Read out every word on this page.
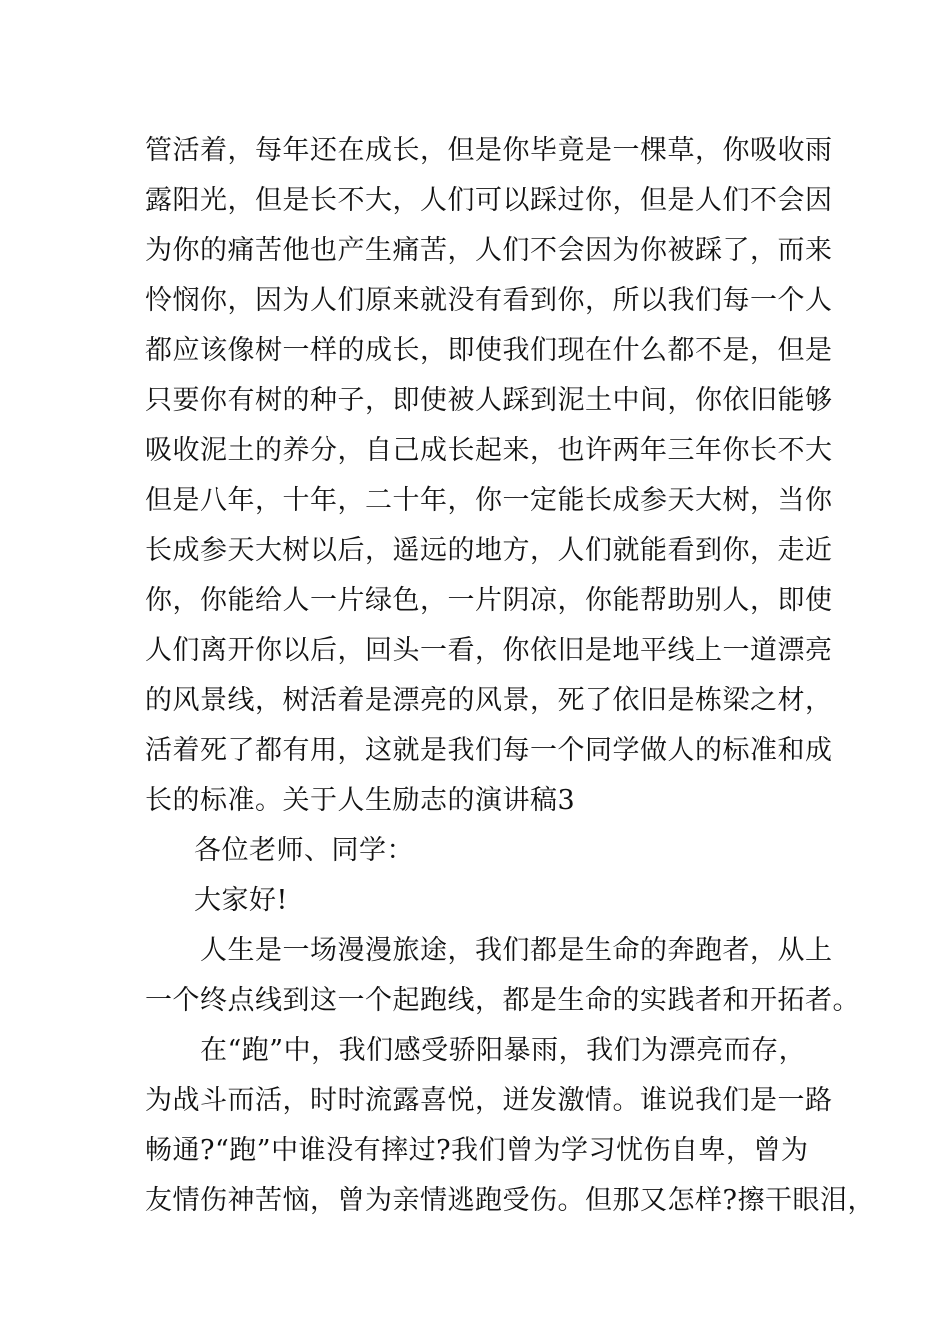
管活着，每年还在成长，但是你毕竟是一棵草，你吸收雨
露阳光，但是长不大，人们可以踩过你，但是人们不会因
为你的痛苦他也产生痛苦，人们不会因为你被踩了，而来
怜悯你，因为人们原来就没有看到你，所以我们每一个人
都应该像树一样的成长，即使我们现在什么都不是，但是
只要你有树的种子，即使被人踩到泥土中间，你依旧能够
吸收泥土的养分，自己成长起来，也许两年三年你长不大
但是八年，十年，二十年，你一定能长成参天大树，当你
长成参天大树以后，遥远的地方，人们就能看到你，走近
你，你能给人一片绿色，一片阴凉，你能帮助别人，即使
人们离开你以后，回头一看，你依旧是地平线上一道漂亮
的风景线，树活着是漂亮的风景，死了依旧是栋梁之材，
活着死了都有用，这就是我们每一个同学做人的标准和成
长的标准。关于人生励志的演讲稿3
各位老师、同学：
大家好!
人生是一场漫漫旅途，我们都是生命的奔跑者，从上
一个终点线到这一个起跑线，都是生命的实践者和开拓者。
在“跑”中，我们感受骄阳暴雨，我们为漂亮而存，
为战斗而活，时时流露喜悦，迸发激情。谁说我们是一路
畅通?“跑”中谁没有摔过?我们曾为学习忧伤自卑，曾为
友情伤神苦恼，曾为亲情逃跑受伤。但那又怎样?擦干眼泪，
